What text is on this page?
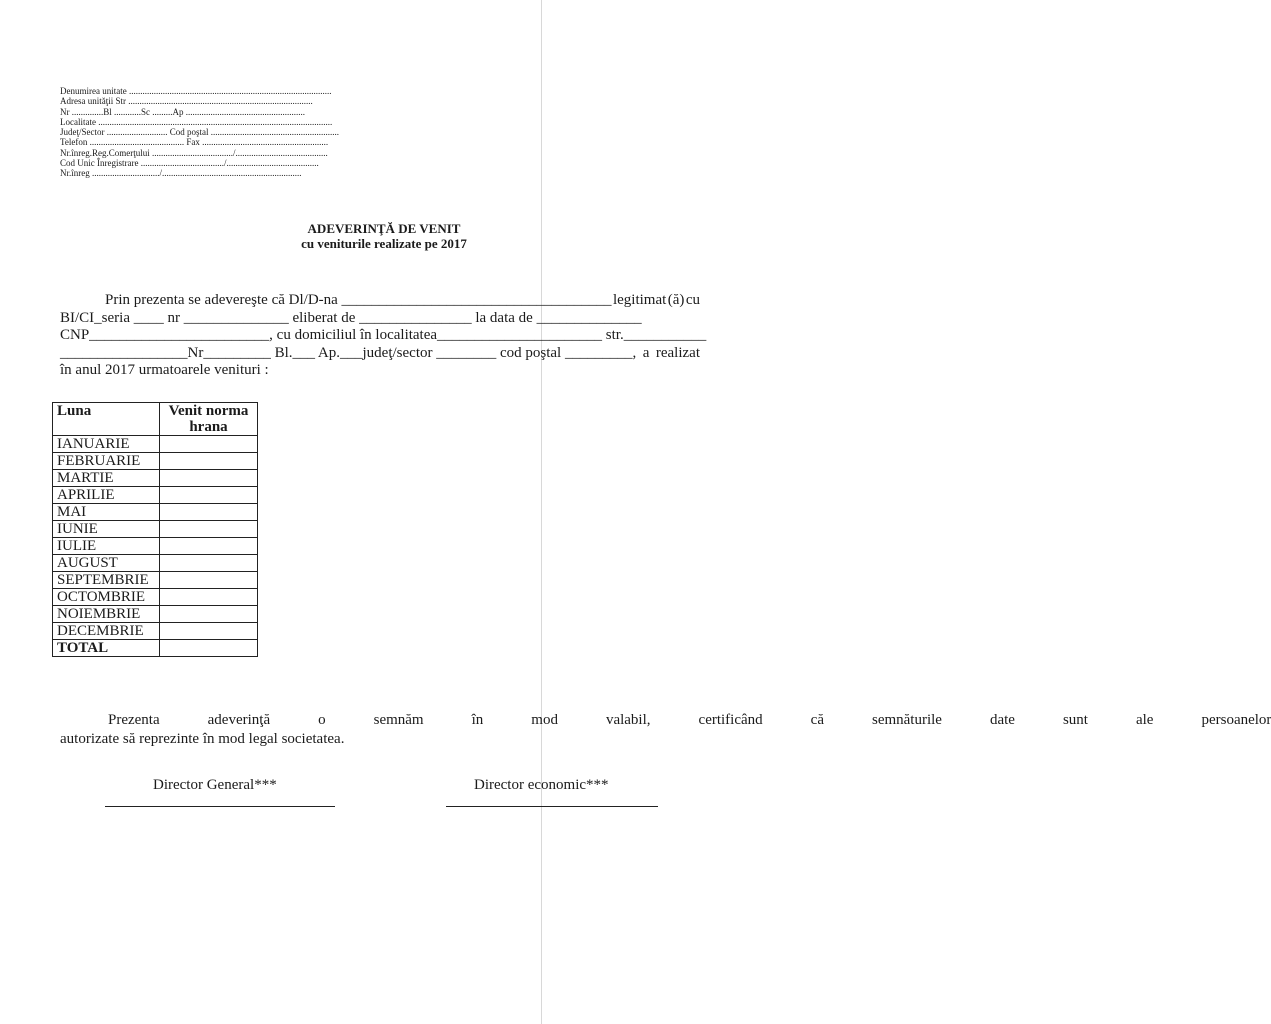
Denumirea unitate ..........................................................................................
Adresa unităţii Str ..................................................................................
Nr ..............Bl ............Sc .........Ap .....................................................
Localitate ........................................................................................................
Judeţ/Sector ........................... Cod poştal .........................................................
Telefon .......................................... Fax ........................................................
Nr.înreg.Reg.Comerţului ..................................../.........................................
Cod Unic Înregistrare ...................................../.........................................
Nr.înreg ............................../..............................................................
ADEVERINŢĂ DE VENIT
cu veniturile realizate pe 2017
Prin prezenta se adevereşte că Dl/D-na ____________________________________ legitimat (ă) cu
BI/CI_seria ____ nr ______________ eliberat de _______________ la data de ______________
CNP________________________, cu domiciliul în localitatea______________________ str.___________
_________________Nr_________ Bl.___ Ap.___judeţ/sector ________ cod poştal _________, a realizat
în anul 2017 urmatoarele venituri :
Luna	Venit norma hrana
IANUARIE	
FEBRUARIE	
MARTIE	
APRILIE	
MAI	
IUNIE	
IULIE	
AUGUST	
SEPTEMBRIE	
OCTOMBRIE	
NOIEMBRIE	
DECEMBRIE	
TOTAL	
Prezenta	adeverinţă	o	semnăm	în	mod	valabil,	certificând	că	semnăturile	date	sunt	ale	persoanelor
autorizate să reprezinte în mod legal societatea.
Director General***	Director economic***
